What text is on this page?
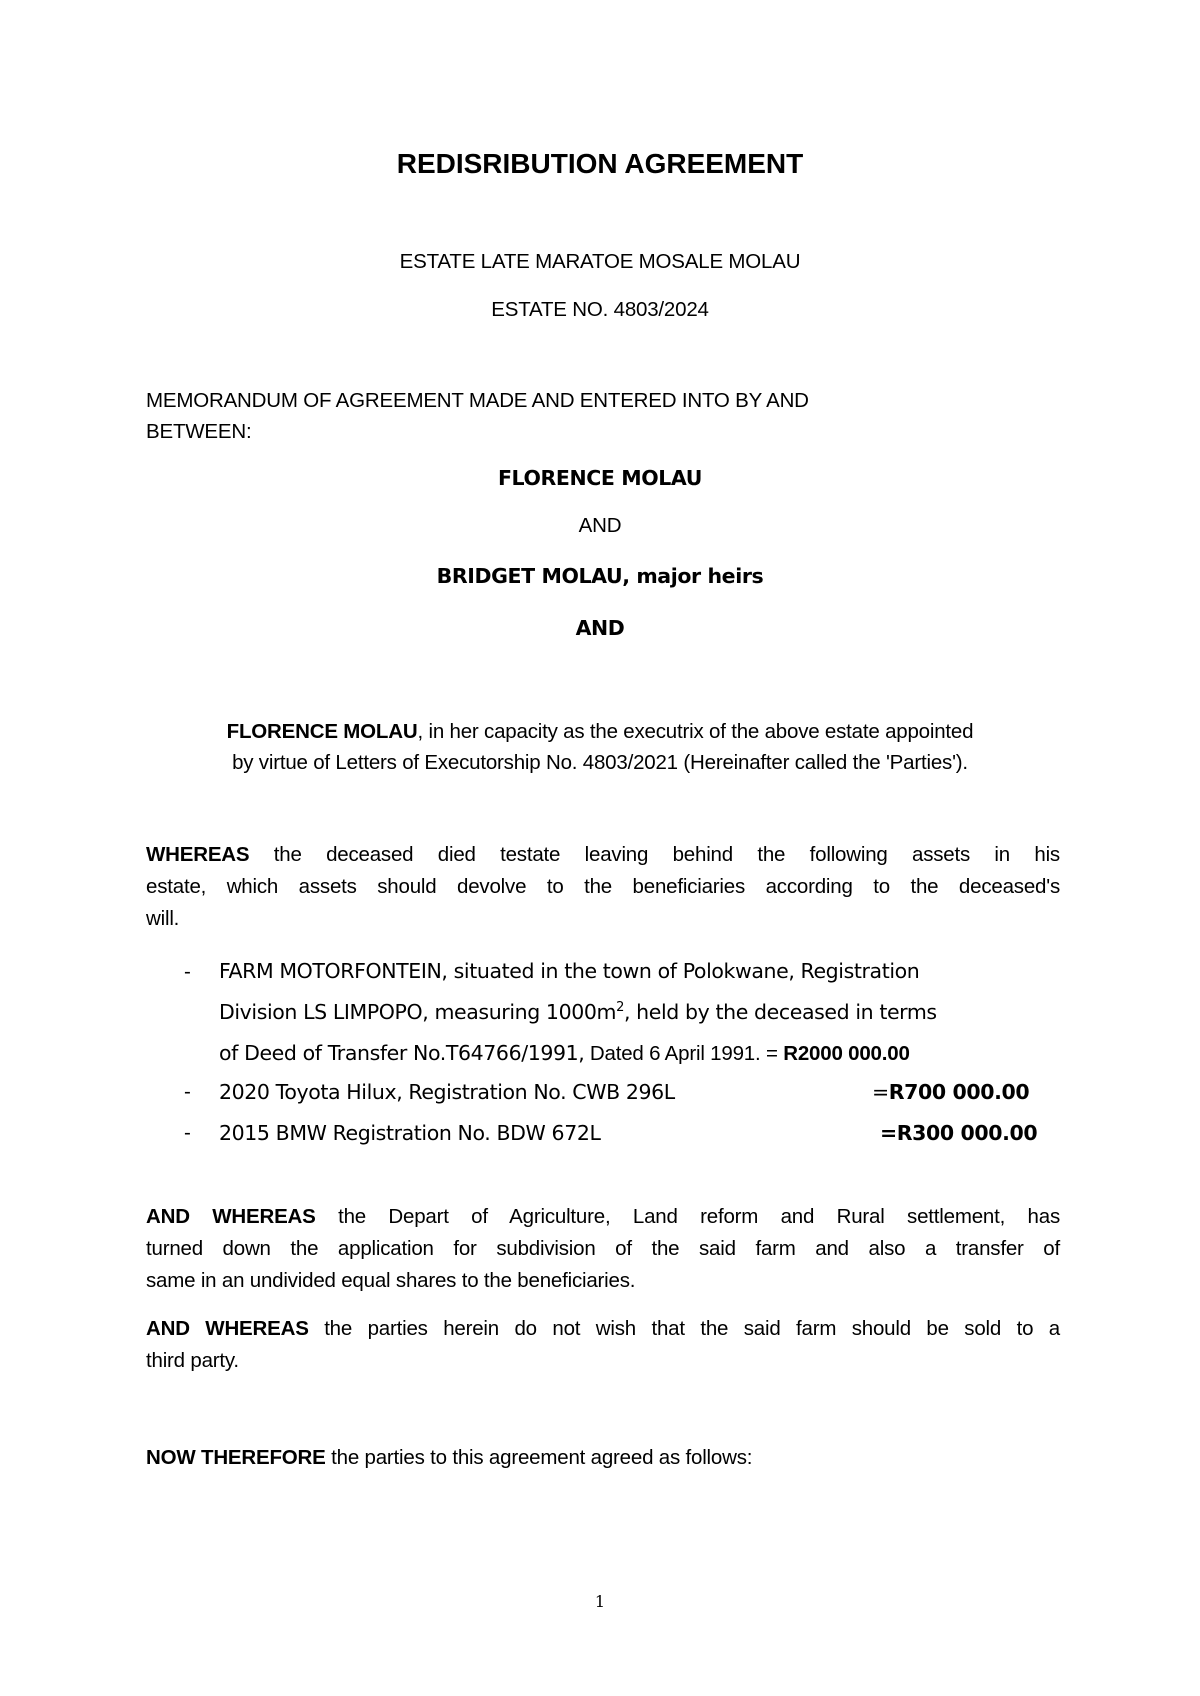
REDISRIBUTION AGREEMENT

ESTATE LATE MARATOE MOSALE MOLAU

ESTATE NO. 4803/2024

MEMORANDUM OF AGREEMENT MADE AND ENTERED INTO BY AND

BETWEEN:

FLORENCE MOLAU

AND

BRIDGET MOLAU, major heirs

AND

FLORENCE MOLAU, in her capacity as the executrix of the above estate appointed

by virtue of Letters of Executorship No. 4803/2021 (Hereinafter called the 'Parties').

WHEREAS the deceased died testate leaving behind the following assets in his

estate, which assets should devolve to the beneficiaries according to the deceased's

will.

- FARM MOTORFONTEIN, situated in the town of Polokwane, Registration

Division LS LIMPOPO, measuring $1000m^2$, held by the deceased in terms

of Deed of Transfer No.T64766/1991, Dated 6 April 1991. = R2000 000.00

- 2020 Toyota Hilux, Registration No. CWB 296L	=R700 000.00

- 2015 BMW Registration No. BDW 672L	=R300 000.00

AND WHEREAS the Depart of Agriculture, Land reform and Rural settlement, has

turned down the application for subdivision of the said farm and also a transfer of

same in an undivided equal shares to the beneficiaries.

AND WHEREAS the parties herein do not wish that the said farm should be sold to a

third party.

NOW THEREFORE the parties to this agreement agreed as follows:

1
